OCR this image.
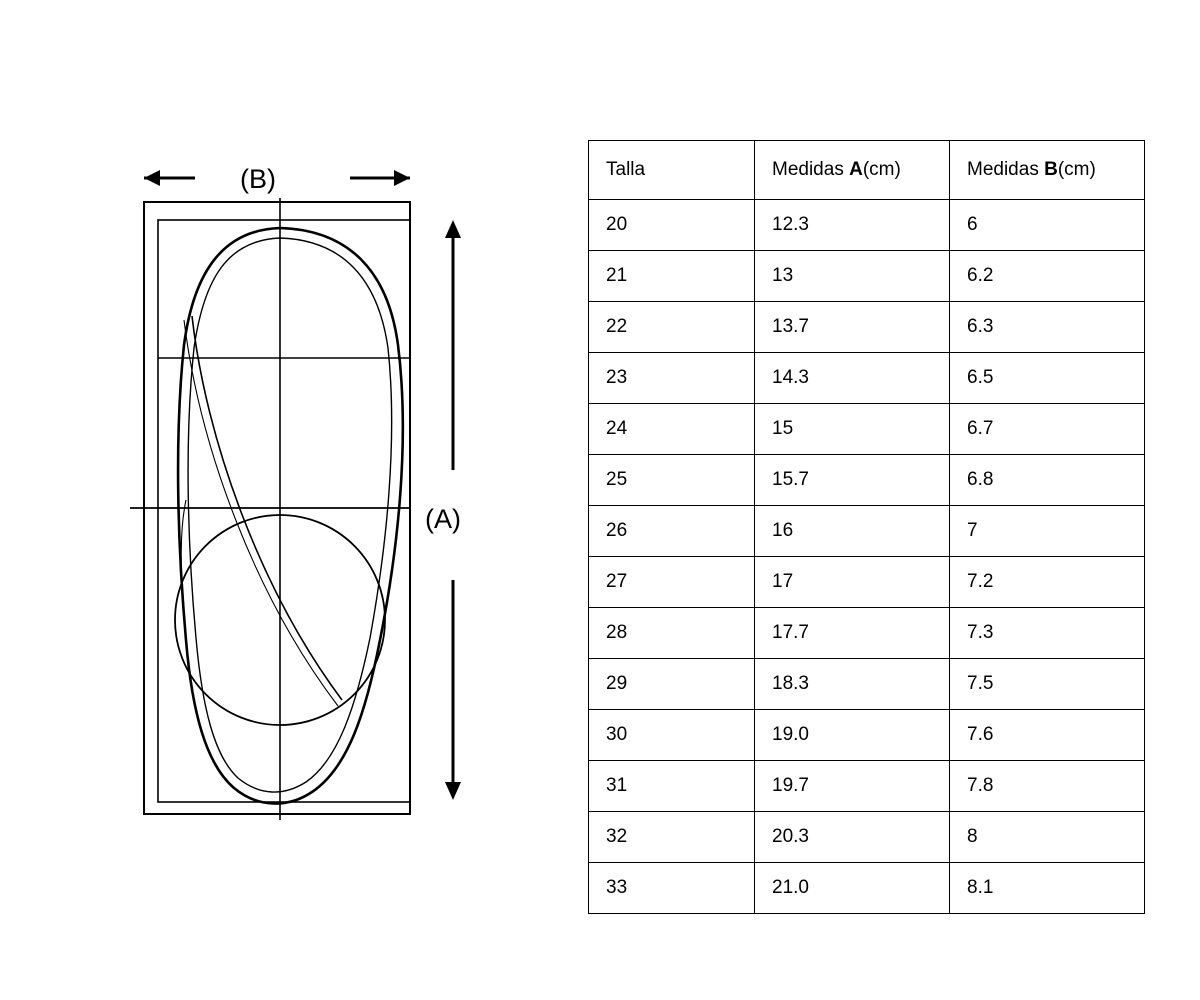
(B)
(A)
Talla	Medidas A(cm)	Medidas B(cm)
20	12.3	6
21	13	6.2
22	13.7	6.3
23	14.3	6.5
24	15	6.7
25	15.7	6.8
26	16	7
27	17	7.2
28	17.7	7.3
29	18.3	7.5
30	19.0	7.6
31	19.7	7.8
32	20.3	8
33	21.0	8.1
